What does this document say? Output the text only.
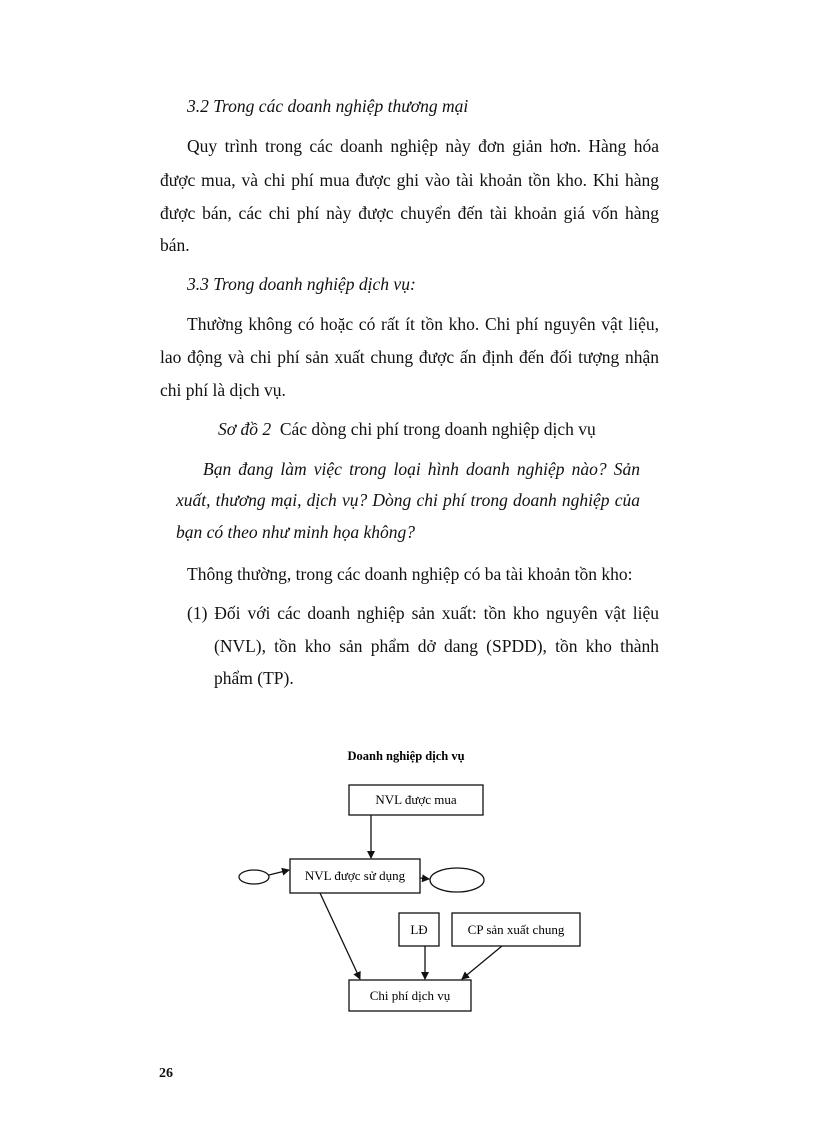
3.2 Trong các doanh nghiệp thương mại
Quy trình trong các doanh nghiệp này đơn giản hơn. Hàng hóa
được mua, và chi phí mua được ghi vào tài khoản tồn kho. Khi hàng
được bán, các chi phí này được chuyển đến tài khoản giá vốn hàng
bán.
3.3 Trong doanh nghiệp dịch vụ:
Thường không có hoặc có rất ít tồn kho. Chi phí nguyên vật liệu,
lao động và chi phí sản xuất chung được ấn định đến đối tượng nhận
chi phí là dịch vụ.
Sơ đồ 2 Các dòng chi phí trong doanh nghiệp dịch vụ
Bạn đang làm việc trong loại hình doanh nghiệp nào? Sản
xuất, thương mại, dịch vụ? Dòng chi phí trong doanh nghiệp của
bạn có theo như minh họa không?
Thông thường, trong các doanh nghiệp có ba tài khoản tồn kho:
(1) Đối với các doanh nghiệp sản xuất: tồn kho nguyên vật liệu
(NVL), tồn kho sản phẩm dở dang (SPDD), tồn kho thành
phẩm (TP).
Doanh nghiệp dịch vụ
NVL được mua
NVL được sử dụng
LĐ	CP sản xuất chung
Chi phí dịch vụ
26
